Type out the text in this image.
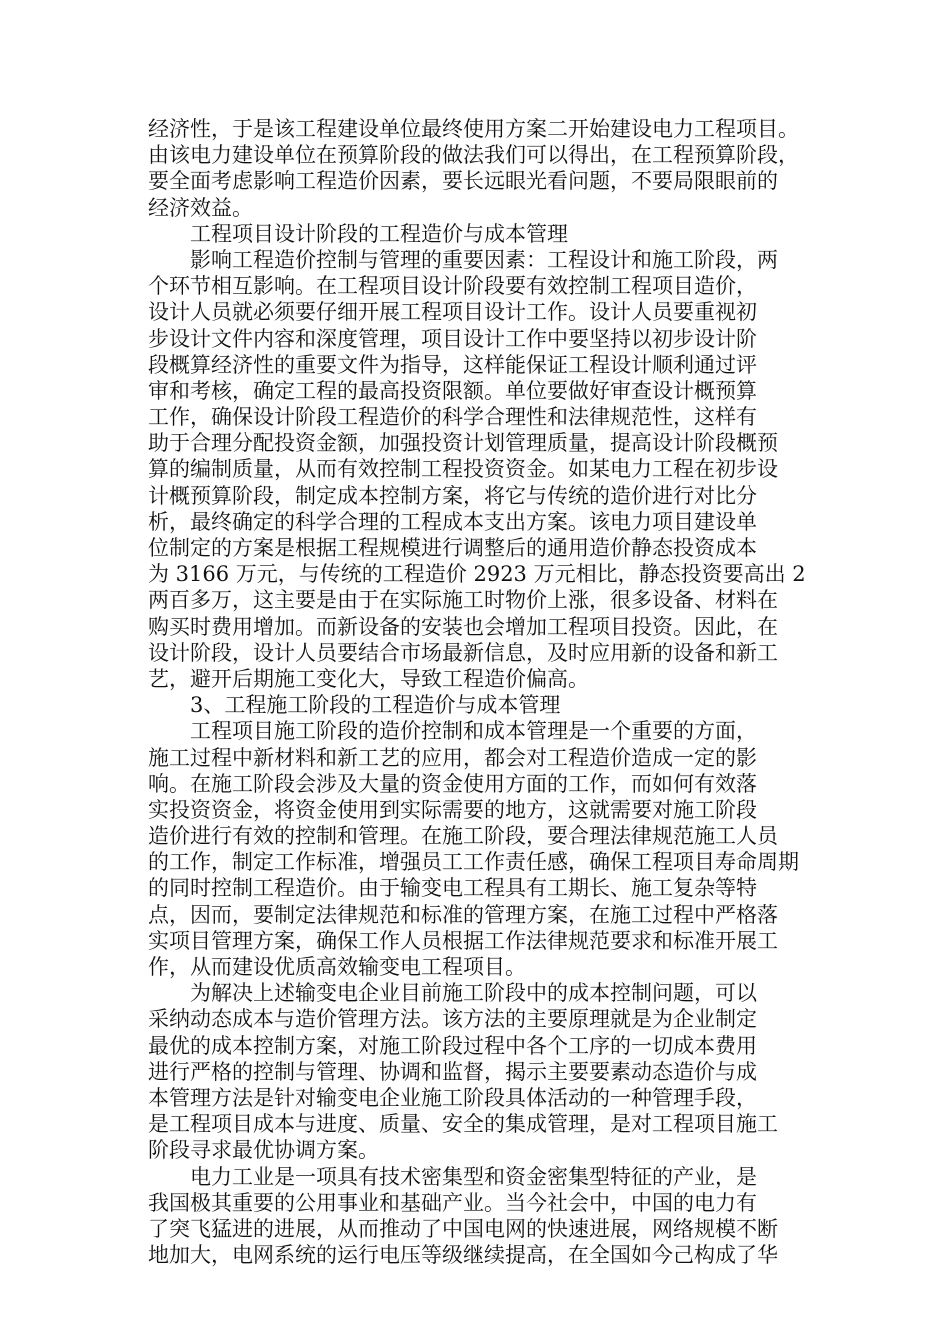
经济性，于是该工程建设单位最终使用方案二开始建设电力工程项目。
由该电力建设单位在预算阶段的做法我们可以得出，在工程预算阶段，
要全面考虑影响工程造价因素，要长远眼光看问题，不要局限眼前的
经济效益。
工程项目设计阶段的工程造价与成本管理
影响工程造价控制与管理的重要因素：工程设计和施工阶段，两
个环节相互影响。在工程项目设计阶段要有效控制工程项目造价，
设计人员就必须要仔细开展工程项目设计工作。设计人员要重视初
步设计文件内容和深度管理，项目设计工作中要坚持以初步设计阶
段概算经济性的重要文件为指导，这样能保证工程设计顺利通过评
审和考核，确定工程的最高投资限额。单位要做好审查设计概预算
工作，确保设计阶段工程造价的科学合理性和法律规范性，这样有
助于合理分配投资金额，加强投资计划管理质量，提高设计阶段概预
算的编制质量，从而有效控制工程投资资金。如某电力工程在初步设
计概预算阶段，制定成本控制方案，将它与传统的造价进行对比分
析，最终确定的科学合理的工程成本支出方案。该电力项目建设单
位制定的方案是根据工程规模进行调整后的通用造价静态投资成本
为 3166 万元，与传统的工程造价 2923 万元相比，静态投资要高出 2
两百多万，这主要是由于在实际施工时物价上涨，很多设备、材料在
购买时费用增加。而新设备的安装也会增加工程项目投资。因此，在
设计阶段，设计人员要结合市场最新信息，及时应用新的设备和新工
艺，避开后期施工变化大，导致工程造价偏高。
3、工程施工阶段的工程造价与成本管理
工程项目施工阶段的造价控制和成本管理是一个重要的方面，
施工过程中新材料和新工艺的应用，都会对工程造价造成一定的影
响。在施工阶段会涉及大量的资金使用方面的工作，而如何有效落
实投资资金，将资金使用到实际需要的地方，这就需要对施工阶段
造价进行有效的控制和管理。在施工阶段，要合理法律规范施工人员
的工作，制定工作标准，增强员工工作责任感，确保工程项目寿命周期
的同时控制工程造价。由于输变电工程具有工期长、施工复杂等特
点，因而，要制定法律规范和标准的管理方案，在施工过程中严格落
实项目管理方案，确保工作人员根据工作法律规范要求和标准开展工
作，从而建设优质高效输变电工程项目。
为解决上述输变电企业目前施工阶段中的成本控制问题，可以
采纳动态成本与造价管理方法。该方法的主要原理就是为企业制定
最优的成本控制方案，对施工阶段过程中各个工序的一切成本费用
进行严格的控制与管理、协调和监督，揭示主要要素动态造价与成
本管理方法是针对输变电企业施工阶段具体活动的一种管理手段，
是工程项目成本与进度、质量、安全的集成管理，是对工程项目施工
阶段寻求最优协调方案。
电力工业是一项具有技术密集型和资金密集型特征的产业，是
我国极其重要的公用事业和基础产业。当今社会中，中国的电力有
了突飞猛进的进展，从而推动了中国电网的快速进展，网络规模不断
地加大，电网系统的运行电压等级继续提高，在全国如今己构成了华
